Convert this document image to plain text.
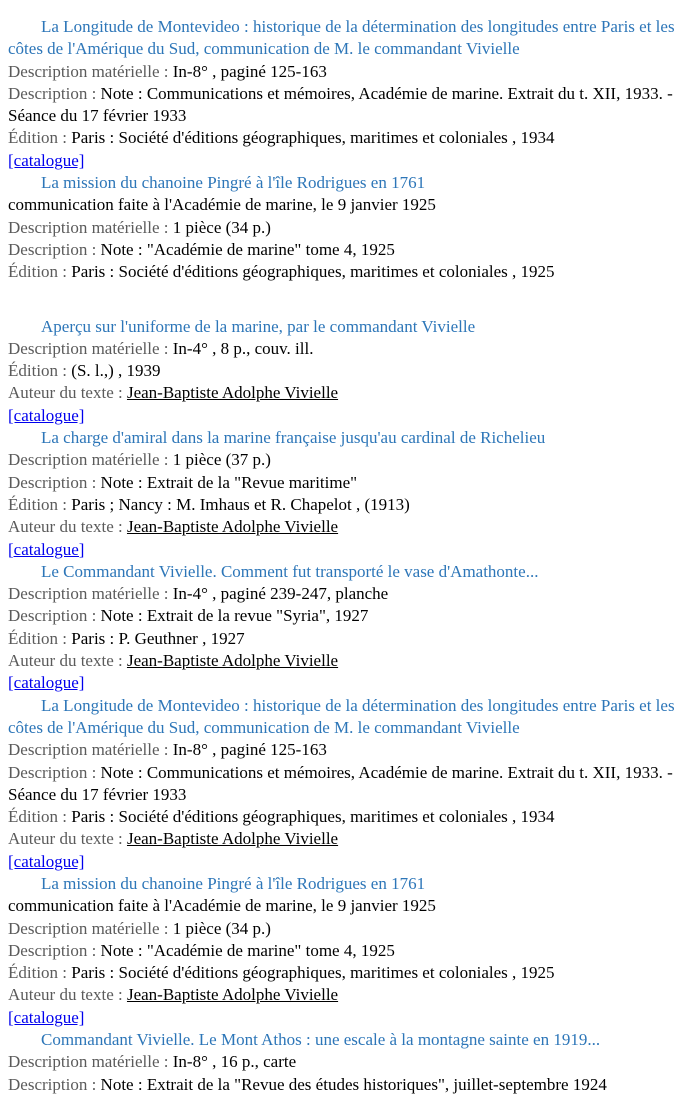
La Longitude de Montevideo : historique de la détermination des longitudes entre Paris et les côtes de l'Amérique du Sud, communication de M. le commandant Vivielle
Description matérielle : In-8° , paginé 125-163
Description : Note : Communications et mémoires, Académie de marine. Extrait du t. XII, 1933. - Séance du 17 février 1933
Édition : Paris : Société d'éditions géographiques, maritimes et coloniales , 1934
[catalogue]
La mission du chanoine Pingré à l'île Rodrigues en 1761
communication faite à l'Académie de marine, le 9 janvier 1925
Description matérielle : 1 pièce (34 p.)
Description : Note : "Académie de marine" tome 4, 1925
Édition : Paris : Société d'éditions géographiques, maritimes et coloniales , 1925
Aperçu sur l'uniforme de la marine, par le commandant Vivielle
Description matérielle : In-4° , 8 p., couv. ill.
Édition : (S. l.,) , 1939
Auteur du texte : Jean-Baptiste Adolphe Vivielle
[catalogue]
La charge d'amiral dans la marine française jusqu'au cardinal de Richelieu
Description matérielle : 1 pièce (37 p.)
Description : Note : Extrait de la "Revue maritime"
Édition : Paris ; Nancy : M. Imhaus et R. Chapelot , (1913)
Auteur du texte : Jean-Baptiste Adolphe Vivielle
[catalogue]
Le Commandant Vivielle. Comment fut transporté le vase d'Amathonte...
Description matérielle : In-4° , paginé 239-247, planche
Description : Note : Extrait de la revue "Syria", 1927
Édition : Paris : P. Geuthner , 1927
Auteur du texte : Jean-Baptiste Adolphe Vivielle
[catalogue]
La Longitude de Montevideo : historique de la détermination des longitudes entre Paris et les côtes de l'Amérique du Sud, communication de M. le commandant Vivielle
Description matérielle : In-8° , paginé 125-163
Description : Note : Communications et mémoires, Académie de marine. Extrait du t. XII, 1933. - Séance du 17 février 1933
Édition : Paris : Société d'éditions géographiques, maritimes et coloniales , 1934
Auteur du texte : Jean-Baptiste Adolphe Vivielle
[catalogue]
La mission du chanoine Pingré à l'île Rodrigues en 1761
communication faite à l'Académie de marine, le 9 janvier 1925
Description matérielle : 1 pièce (34 p.)
Description : Note : "Académie de marine" tome 4, 1925
Édition : Paris : Société d'éditions géographiques, maritimes et coloniales , 1925
Auteur du texte : Jean-Baptiste Adolphe Vivielle
[catalogue]
Commandant Vivielle. Le Mont Athos : une escale à la montagne sainte en 1919...
Description matérielle : In-8° , 16 p., carte
Description : Note : Extrait de la "Revue des études historiques", juillet-septembre 1924
